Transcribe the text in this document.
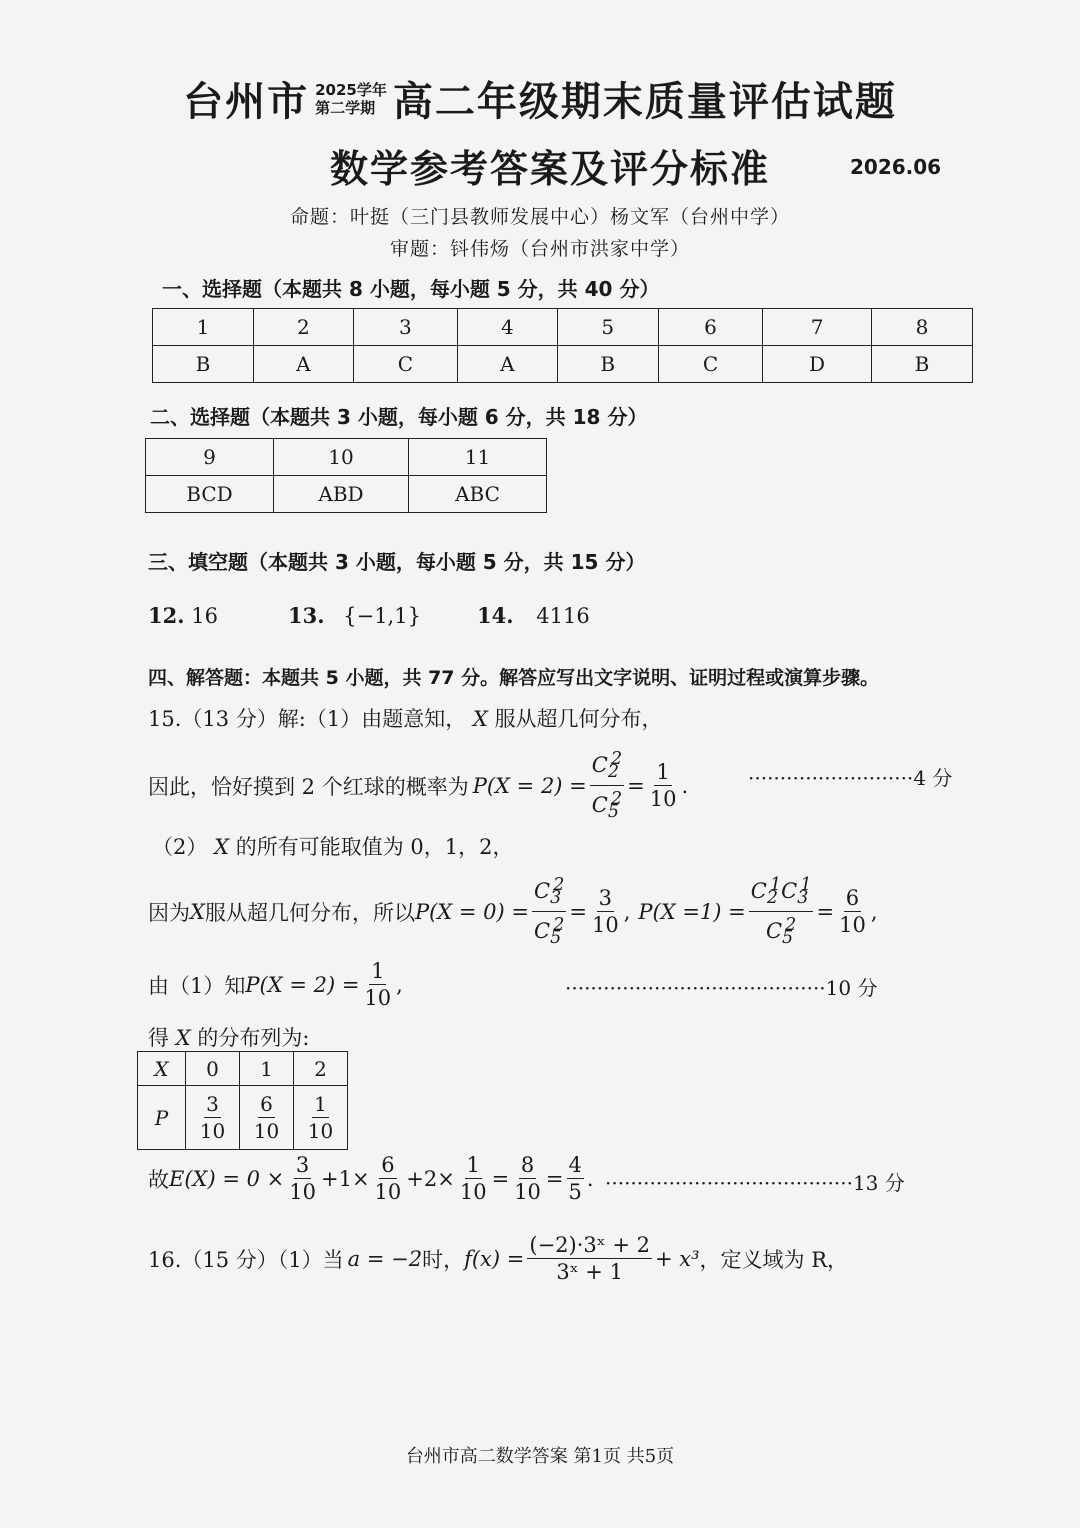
台州市 2025学年
第二学期 高二年级期末质量评估试题
数学参考答案及评分标准	2026.06
命题：叶挺（三门县教师发展中心）杨文军（台州中学）
审题：钭伟炀（台州市洪家中学）
一、选择题（本题共 8 小题，每小题 5 分，共 40 分）
1	2	3	4	5	6	7	8
B	A	C	A	B	C	D	B
二、选择题（本题共 3 小题，每小题 6 分，共 18 分）
9	10	11
BCD	ABD	ABC
三、填空题（本题共 3 小题，每小题 5 分，共 15 分）
12. 16	13. {−1,1}	14. 4116
四、解答题：本题共 5 小题，共 77 分。解答应写出文字说明、证明过程或演算步骤。
15.（13 分）解:（1）由题意知， X 服从超几何分布，
因此，恰好摸到 2 个红球的概率为 $P(X = 2) = \frac{C_2^2}{C_5^2} = \frac{1}{10}$ .	··························4 分
（2） X 的所有可能取值为 0，1，2，
因为 X 服从超几何分布，所以 $P(X = 0) = \frac{C_3^2}{C_5^2} = \frac{3}{10}$ , $P(X =1) = \frac{C_2^1C_3^1}{C_5^2} = \frac{6}{10}$ ,
由（1）知 $P(X = 2) = \frac{1}{10}$ ,	·········································10 分
得 X 的分布列为:
X	0	1	2
P	$\frac{3}{10}$	$\frac{6}{10}$	$\frac{1}{10}$
故 $E(X) = 0 \times \frac{3}{10} +1\times \frac{6}{10} +2\times \frac{1}{10} = \frac{8}{10} = \frac{4}{5}$ . ·······································13 分
16.（15 分）（1）当 a = −2 时， $f(x) = \frac{\text{(−2)·3ˣ + 2}}{\text{3ˣ + 1}} + x^3$ ，定义域为 R，
台州市高二数学答案 第1页 共5页
